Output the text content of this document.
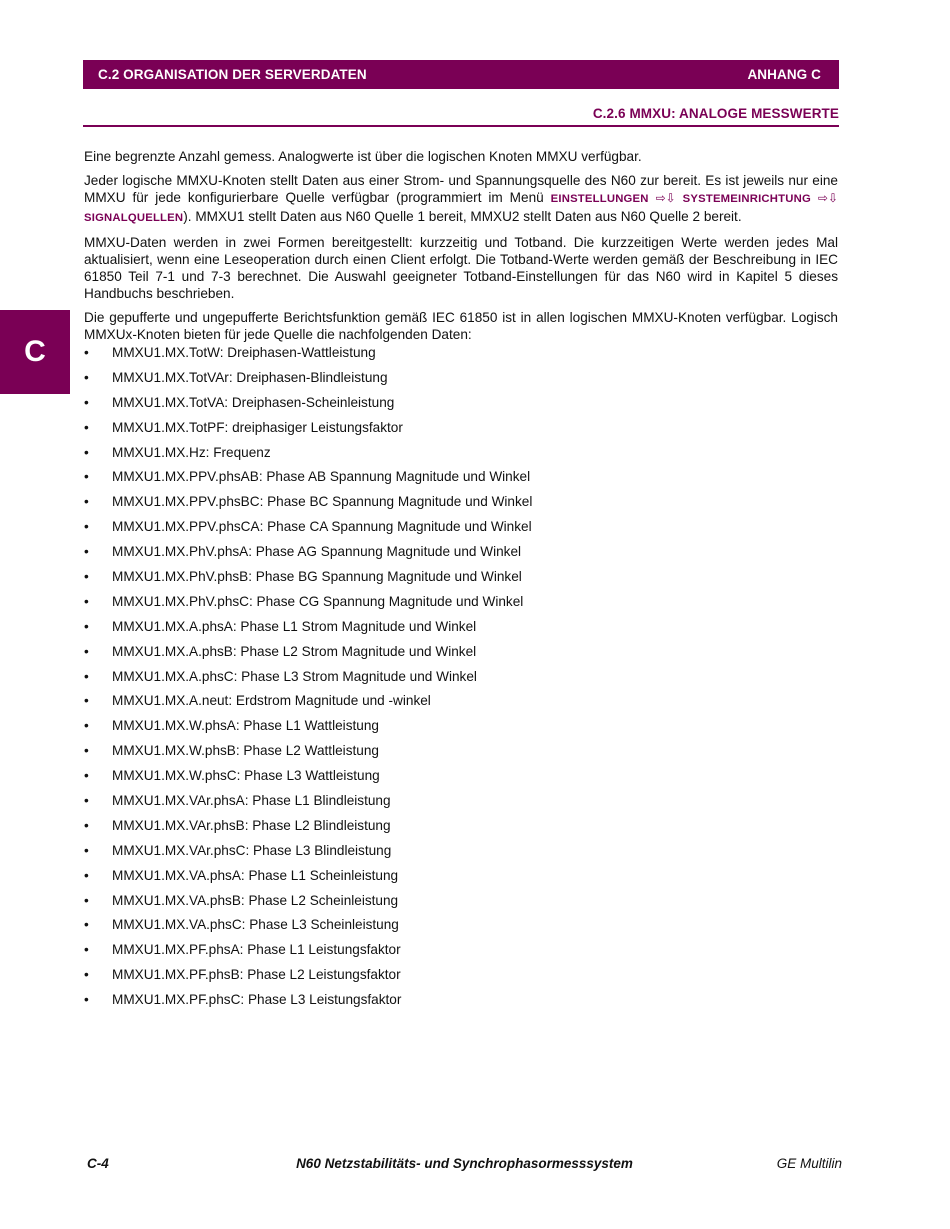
C.2 ORGANISATION DER SERVERDATEN	ANHANG C
C.2.6 MMXU: ANALOGE MESSWERTE
C

Eine begrenzte Anzahl gemess. Analogwerte ist über die logischen Knoten MMXU verfügbar.

Jeder logische MMXU-Knoten stellt Daten aus einer Strom- und Spannungsquelle des N60 zur bereit. Es ist jeweils nur eine MMXU für jede konfigurierbare Quelle verfügbar (programmiert im Menü EINSTELLUNGEN ⇨⇩ SYSTEMEINRICHTUNG ⇨⇩ SIGNALQUELLEN). MMXU1 stellt Daten aus N60 Quelle 1 bereit, MMXU2 stellt Daten aus N60 Quelle 2 bereit.

MMXU-Daten werden in zwei Formen bereitgestellt: kurzzeitig und Totband. Die kurzzeitigen Werte werden jedes Mal aktualisiert, wenn eine Leseoperation durch einen Client erfolgt. Die Totband-Werte werden gemäß der Beschreibung in IEC 61850 Teil 7-1 und 7-3 berechnet. Die Auswahl geeigneter Totband-Einstellungen für das N60 wird in Kapitel 5 dieses Handbuchs beschrieben.

Die gepufferte und ungepufferte Berichtsfunktion gemäß IEC 61850 ist in allen logischen MMXU-Knoten verfügbar. Logisch MMXUx-Knoten bieten für jede Quelle die nachfolgenden Daten:

• MMXU1.MX.TotW: Dreiphasen-Wattleistung
• MMXU1.MX.TotVAr: Dreiphasen-Blindleistung
• MMXU1.MX.TotVA: Dreiphasen-Scheinleistung
• MMXU1.MX.TotPF: dreiphasiger Leistungsfaktor
• MMXU1.MX.Hz: Frequenz
• MMXU1.MX.PPV.phsAB: Phase AB Spannung Magnitude und Winkel
• MMXU1.MX.PPV.phsBC: Phase BC Spannung Magnitude und Winkel
• MMXU1.MX.PPV.phsCA: Phase CA Spannung Magnitude und Winkel
• MMXU1.MX.PhV.phsA: Phase AG Spannung Magnitude und Winkel
• MMXU1.MX.PhV.phsB: Phase BG Spannung Magnitude und Winkel
• MMXU1.MX.PhV.phsC: Phase CG Spannung Magnitude und Winkel
• MMXU1.MX.A.phsA: Phase L1 Strom Magnitude und Winkel
• MMXU1.MX.A.phsB: Phase L2 Strom Magnitude und Winkel
• MMXU1.MX.A.phsC: Phase L3 Strom Magnitude und Winkel
• MMXU1.MX.A.neut: Erdstrom Magnitude und -winkel
• MMXU1.MX.W.phsA: Phase L1 Wattleistung
• MMXU1.MX.W.phsB: Phase L2 Wattleistung
• MMXU1.MX.W.phsC: Phase L3 Wattleistung
• MMXU1.MX.VAr.phsA: Phase L1 Blindleistung
• MMXU1.MX.VAr.phsB: Phase L2 Blindleistung
• MMXU1.MX.VAr.phsC: Phase L3 Blindleistung
• MMXU1.MX.VA.phsA: Phase L1 Scheinleistung
• MMXU1.MX.VA.phsB: Phase L2 Scheinleistung
• MMXU1.MX.VA.phsC: Phase L3 Scheinleistung
• MMXU1.MX.PF.phsA: Phase L1 Leistungsfaktor
• MMXU1.MX.PF.phsB: Phase L2 Leistungsfaktor
• MMXU1.MX.PF.phsC: Phase L3 Leistungsfaktor
N60 Netzstabilitäts- und Synchrophasormesssystem
C-4	GE Multilin
